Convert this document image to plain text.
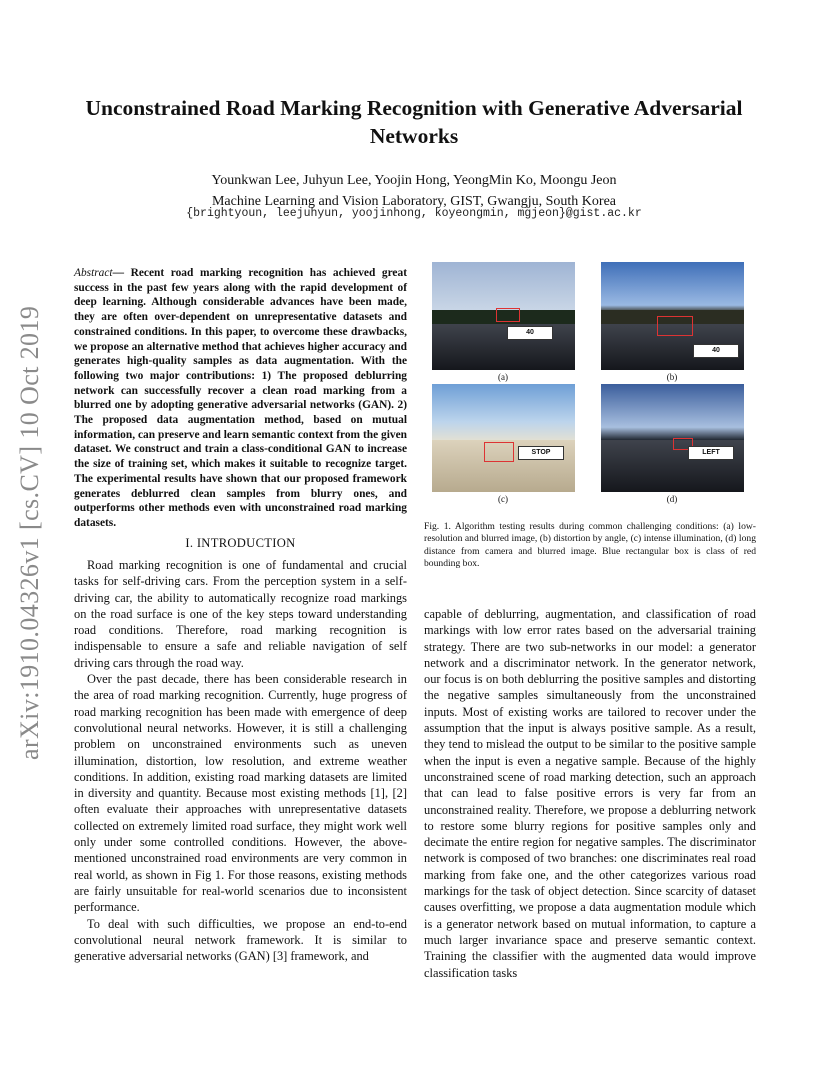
arXiv:1910.04326v1 [cs.CV] 10 Oct 2019
Unconstrained Road Marking Recognition with Generative Adversarial Networks
Younkwan Lee, Juhyun Lee, Yoojin Hong, YeongMin Ko, Moongu Jeon
Machine Learning and Vision Laboratory, GIST, Gwangju, South Korea
{brightyoun, leejuhyun, yoojinhong, koyeongmin, mgjeon}@gist.ac.kr
Abstract— Recent road marking recognition has achieved great success in the past few years along with the rapid development of deep learning. Although considerable advances have been made, they are often over-dependent on unrepresentative datasets and constrained conditions. In this paper, to overcome these drawbacks, we propose an alternative method that achieves higher accuracy and generates high-quality samples as data augmentation. With the following two major contributions: 1) The proposed deblurring network can successfully recover a clean road marking from a blurred one by adopting generative adversarial networks (GAN). 2) The proposed data augmentation method, based on mutual information, can preserve and learn semantic context from the given dataset. We construct and train a class-conditional GAN to increase the size of training set, which makes it suitable to recognize target. The experimental results have shown that our proposed framework generates deblurred clean samples from blurry ones, and outperforms other methods even with unconstrained road marking datasets.
I. INTRODUCTION

Road marking recognition is one of fundamental and crucial tasks for self-driving cars. From the perception system in a self-driving car, the ability to automatically recognize road markings on the road surface is one of the key steps toward understanding road conditions. Therefore, road marking recognition is indispensable to ensure a safe and reliable navigation of self driving cars through the road way.

Over the past decade, there has been considerable research in the area of road marking recognition. Currently, huge progress of road marking recognition has been made with emergence of deep convolutional neural networks. However, it is still a challenging problem on unconstrained environments such as uneven illumination, distortion, low resolution, and extreme weather conditions. In addition, existing road marking datasets are limited in diversity and quantity. Because most existing methods [1], [2] often evaluate their approaches with unrepresentative datasets collected on extremely limited road surface, they might work well only under some controlled conditions. However, the above-mentioned unconstrained road environments are very common in real world, as shown in Fig 1. For those reasons, existing methods are fairly unsuitable for real-world scenarios due to inconsistent performance.

To deal with such difficulties, we propose an end-to-end convolutional neural network framework. It is similar to generative adversarial networks (GAN) [3] framework, and

40
(a)
40
(b)
STOP
(c)
LEFT
(d)
Fig. 1. Algorithm testing results during common challenging conditions: (a) low-resolution and blurred image, (b) distortion by angle, (c) intense illumination, (d) long distance from camera and blurred image. Blue rectangular box is class of red bounding box.

capable of deblurring, augmentation, and classification of road markings with low error rates based on the adversarial training strategy. There are two sub-networks in our model: a generator network and a discriminator network. In the generator network, our focus is on both deblurring the positive samples and distorting the negative samples simultaneously from the unconstrained inputs. Most of existing works are tailored to recover under the assumption that the input is always positive sample. As a result, they tend to mislead the output to be similar to the positive sample when the input is even a negative sample. Because of the highly unconstrained scene of road marking detection, such an approach that can lead to false positive errors is very far from an unconstrained reality. Therefore, we propose a deblurring network to restore some blurry regions for positive samples only and decimate the entire region for negative samples. The discriminator network is composed of two branches: one discriminates real road marking from fake one, and the other categorizes various road markings for the task of object detection. Since scarcity of dataset causes overfitting, we propose a data augmentation module which is a generator network based on mutual information, to capture a much larger invariance space and preserve semantic context. Training the classifier with the augmented data would improve classification tasks
